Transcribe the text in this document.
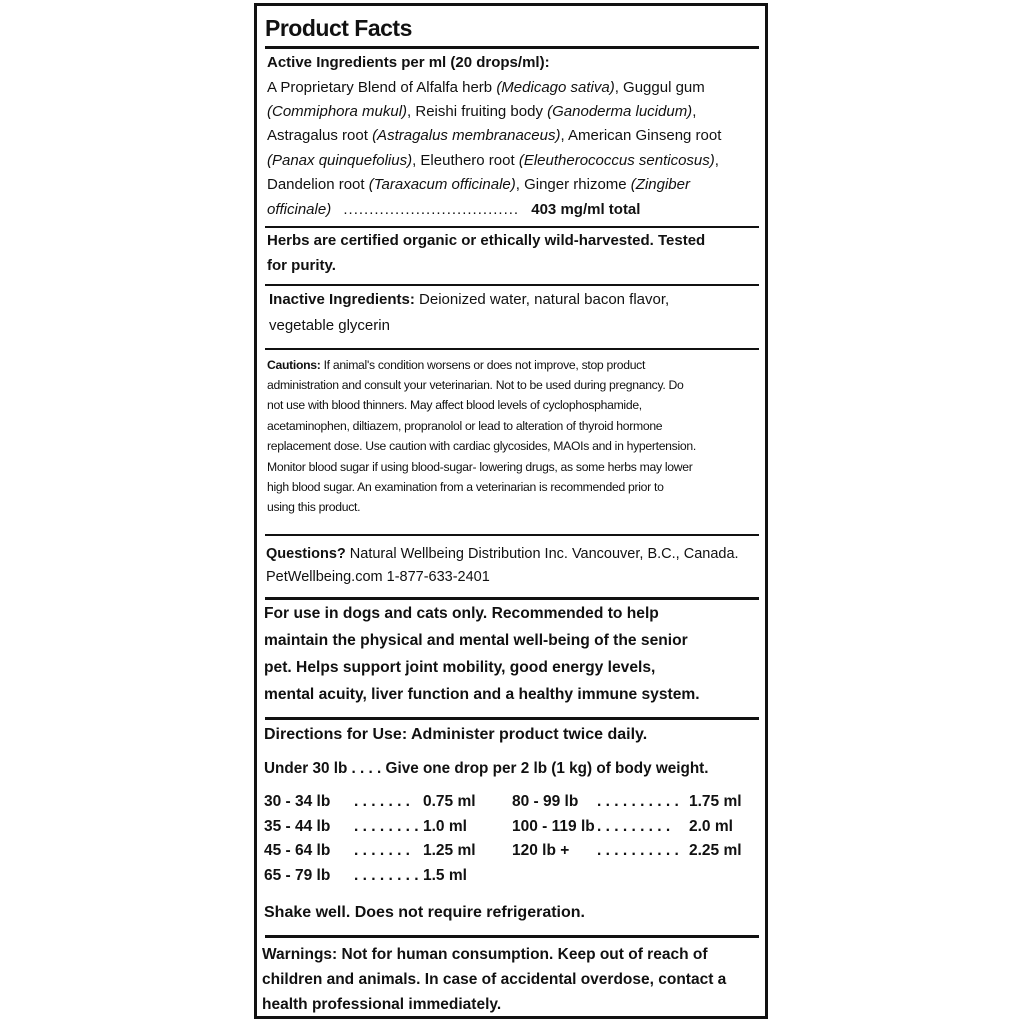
Product Facts
Active Ingredients per ml (20 drops/ml):
A Proprietary Blend of Alfalfa herb (Medicago sativa), Guggul gum
(Commiphora mukul), Reishi fruiting body (Ganoderma lucidum),
Astragalus root (Astragalus membranaceus), American Ginseng root
(Panax quinquefolius), Eleuthero root (Eleutherococcus senticosus),
Dandelion root (Taraxacum officinale), Ginger rhizome (Zingiber
officinale) .................................. 403 mg/ml total
Herbs are certified organic or ethically wild-harvested. Tested
for purity.
Inactive Ingredients: Deionized water, natural bacon flavor,
vegetable glycerin
Cautions: If animal's condition worsens or does not improve, stop product
administration and consult your veterinarian. Not to be used during pregnancy. Do
not use with blood thinners. May affect blood levels of cyclophosphamide,
acetaminophen, diltiazem, propranolol or lead to alteration of thyroid hormone
replacement dose. Use caution with cardiac glycosides, MAOIs and in hypertension.
Monitor blood sugar if using blood-sugar- lowering drugs, as some herbs may lower
high blood sugar. An examination from a veterinarian is recommended prior to
using this product.
Questions? Natural Wellbeing Distribution Inc. Vancouver, B.C., Canada.
PetWellbeing.com 1-877-633-2401
For use in dogs and cats only. Recommended to help
maintain the physical and mental well-being of the senior
pet. Helps support joint mobility, good energy levels,
mental acuity, liver function and a healthy immune system.
Directions for Use: Administer product twice daily.
Under 30 lb . . . . Give one drop per 2 lb (1 kg) of body weight.
30 - 34 lb . . . . . . . 0.75 ml
35 - 44 lb . . . . . . . . 1.0 ml
45 - 64 lb . . . . . . . 1.25 ml
65 - 79 lb . . . . . . . . 1.5 ml
80 - 99 lb . . . . . . . . . . 1.75 ml
100 - 119 lb . . . . . . . . . 2.0 ml
120 lb + . . . . . . . . . . 2.25 ml
Shake well. Does not require refrigeration.
Warnings: Not for human consumption. Keep out of reach of
children and animals. In case of accidental overdose, contact a
health professional immediately.
